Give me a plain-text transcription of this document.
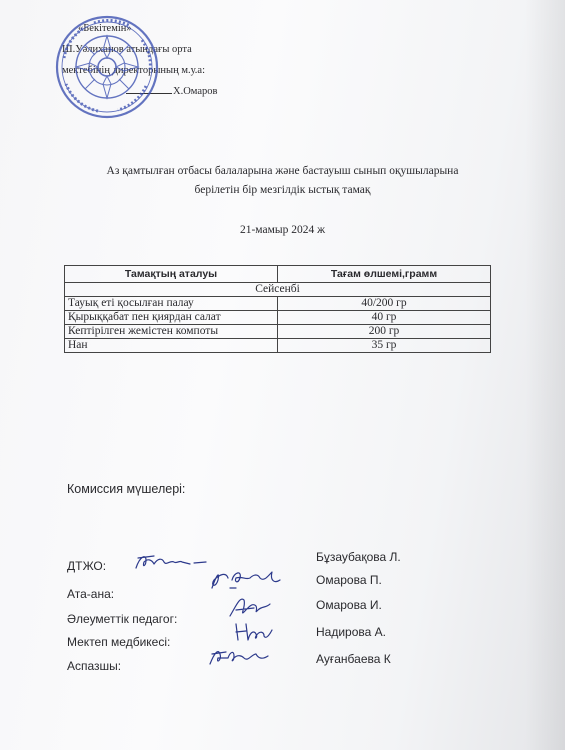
«Бекітемін»
Ш.Уәлиханов атындағы орта
мектебінің директорының м.у.а:
Х.Омаров
Аз қамтылған отбасы балаларына және бастауыш сынып оқушыларына
берілетін бір мезгілдік ыстық тамақ
21-мамыр 2024 ж
Тамақтың аталуы	Тағам өлшемі,грамм
Сейсенбі	
Тауық еті қосылған палау	40/200 гр
Қырыққабат пен қиярдан салат	40 гр
Кептірілген жемістен компоты	200 гр
Нан	35 гр
Комиссия мүшелері:
ДТЖО:
Бұзаубақова Л.
Ата-ана:
Омарова П.
Әлеуметтік педагог:
Омарова И.
Мектеп медбикесі:
Надирова А.
Аспазшы:	Ауғанбаева К
